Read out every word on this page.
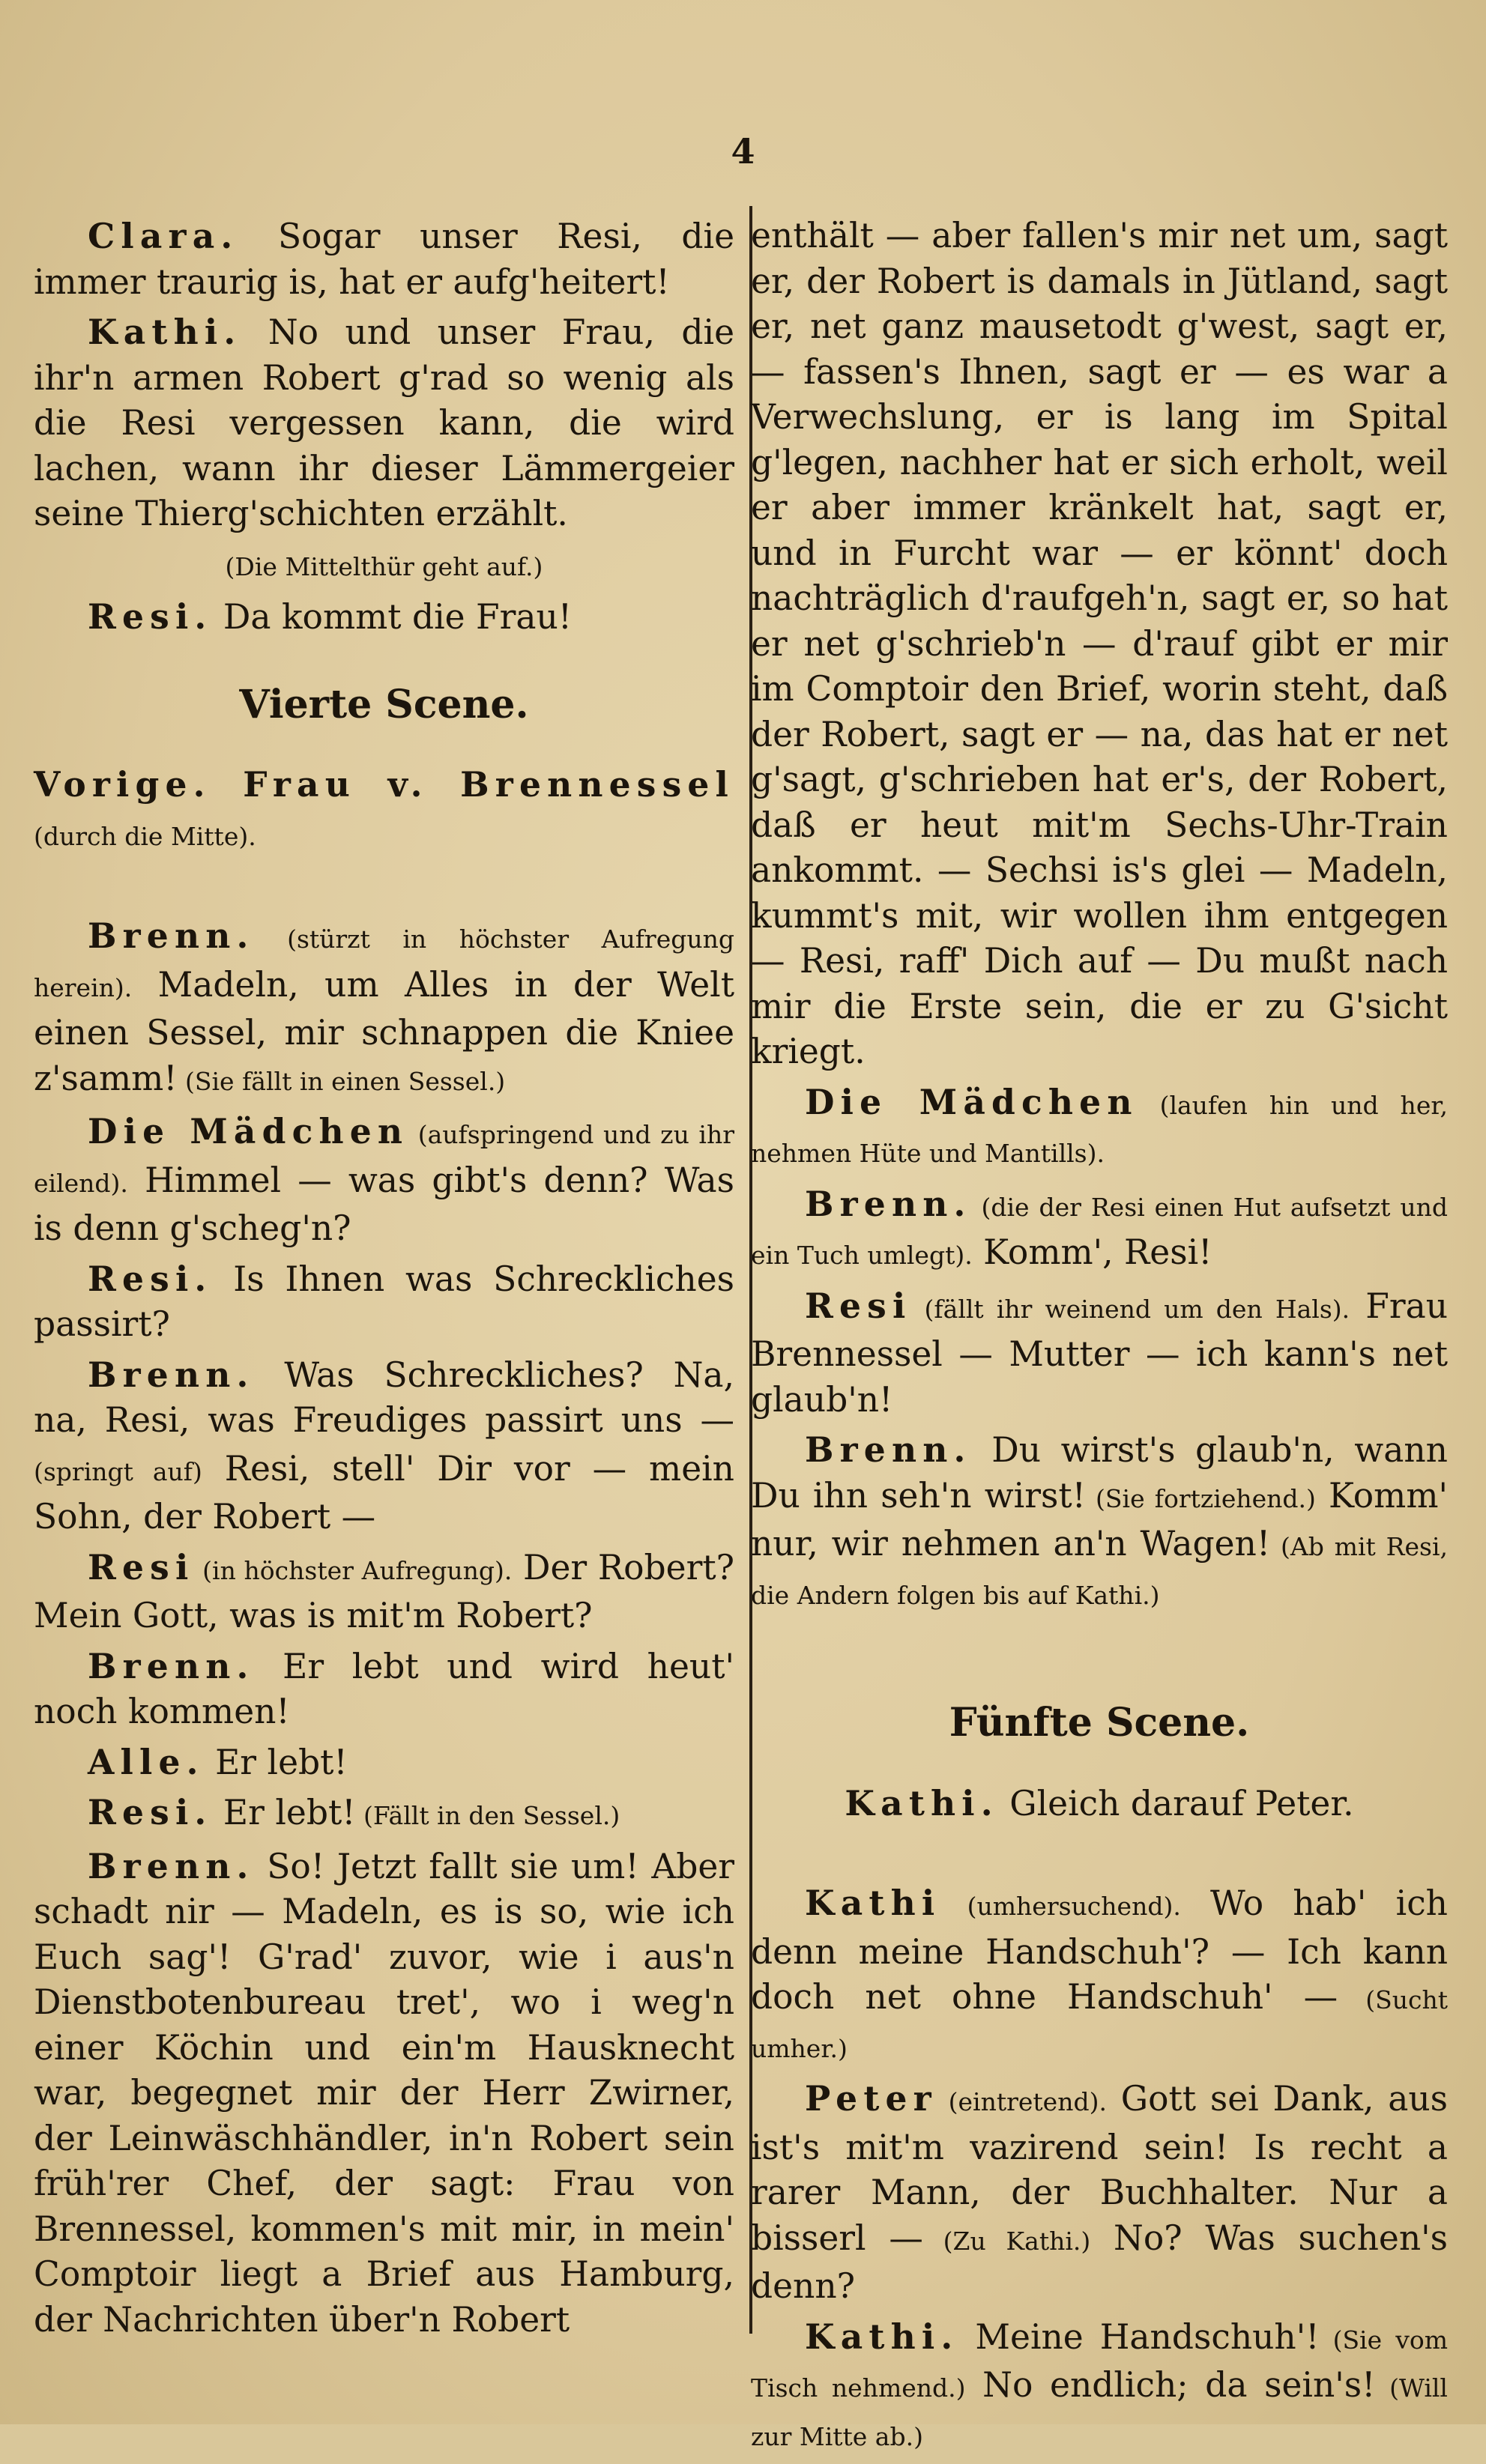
4

Clara. Sogar unser Resi, die immer traurig is, hat er aufg'heitert!

Kathi. No und unser Frau, die ihr'n armen Robert g'rad so wenig als die Resi vergessen kann, die wird lachen, wann ihr dieser Lämmergeier seine Thierg'schichten erzählt.

(Die Mittelthür geht auf.)

Resi. Da kommt die Frau!

Vierte Scene.

Vorige. Frau v. Brennessel (durch die Mitte).

Brenn. (stürzt in höchster Aufregung herein). Madeln, um Alles in der Welt einen Sessel, mir schnappen die Kniee z'samm! (Sie fällt in einen Sessel.)

Die Mädchen (aufspringend und zu ihr eilend). Himmel — was gibt's denn? Was is denn g'scheg'n?

Resi. Is Ihnen was Schreckliches passirt?

Brenn. Was Schreckliches? Na, na, Resi, was Freudiges passirt uns — (springt auf) Resi, stell' Dir vor — mein Sohn, der Robert —

Resi (in höchster Aufregung). Der Robert? Mein Gott, was is mit'm Robert?

Brenn. Er lebt und wird heut' noch kommen!

Alle. Er lebt!

Resi. Er lebt! (Fällt in den Sessel.)

Brenn. So! Jetzt fallt sie um! Aber schadt nir — Madeln, es is so, wie ich Euch sag'! G'rad' zuvor, wie i aus'n Dienstbotenbureau tret', wo i weg'n einer Köchin und ein'm Hausknecht war, begegnet mir der Herr Zwirner, der Leinwäschhändler, in'n Robert sein früh'rer Chef, der sagt: Frau von Brennessel, kommen's mit mir, in mein' Comptoir liegt a Brief aus Hamburg, der Nachrichten über'n Robert

enthält — aber fallen's mir net um, sagt er, der Robert is damals in Jütland, sagt er, net ganz mausetodt g'west, sagt er, — fassen's Ihnen, sagt er — es war a Verwechslung, er is lang im Spital g'legen, nachher hat er sich erholt, weil er aber immer kränkelt hat, sagt er, und in Furcht war — er könnt' doch nachträglich d'raufgeh'n, sagt er, so hat er net g'schrieb'n — d'rauf gibt er mir im Comptoir den Brief, worin steht, daß der Robert, sagt er — na, das hat er net g'sagt, g'schrieben hat er's, der Robert, daß er heut mit'm Sechs-Uhr-Train ankommt. — Sechsi is's glei — Madeln, kummt's mit, wir wollen ihm entgegen — Resi, raff' Dich auf — Du mußt nach mir die Erste sein, die er zu G'sicht kriegt.

Die Mädchen (laufen hin und her, nehmen Hüte und Mantills).

Brenn. (die der Resi einen Hut aufsetzt und ein Tuch umlegt). Komm', Resi!

Resi (fällt ihr weinend um den Hals). Frau Brennessel — Mutter — ich kann's net glaub'n!

Brenn. Du wirst's glaub'n, wann Du ihn seh'n wirst! (Sie fortziehend.) Komm' nur, wir nehmen an'n Wagen! (Ab mit Resi, die Andern folgen bis auf Kathi.)

Fünfte Scene.

Kathi. Gleich darauf Peter.

Kathi (umhersuchend). Wo hab' ich denn meine Handschuh'? — Ich kann doch net ohne Handschuh' — (Sucht umher.)

Peter (eintretend). Gott sei Dank, aus ist's mit'm vazirend sein! Is recht a rarer Mann, der Buchhalter. Nur a bisserl — (Zu Kathi.) No? Was suchen's denn?

Kathi. Meine Handschuh'! (Sie vom Tisch nehmend.) No endlich; da sein's! (Will zur Mitte ab.)
